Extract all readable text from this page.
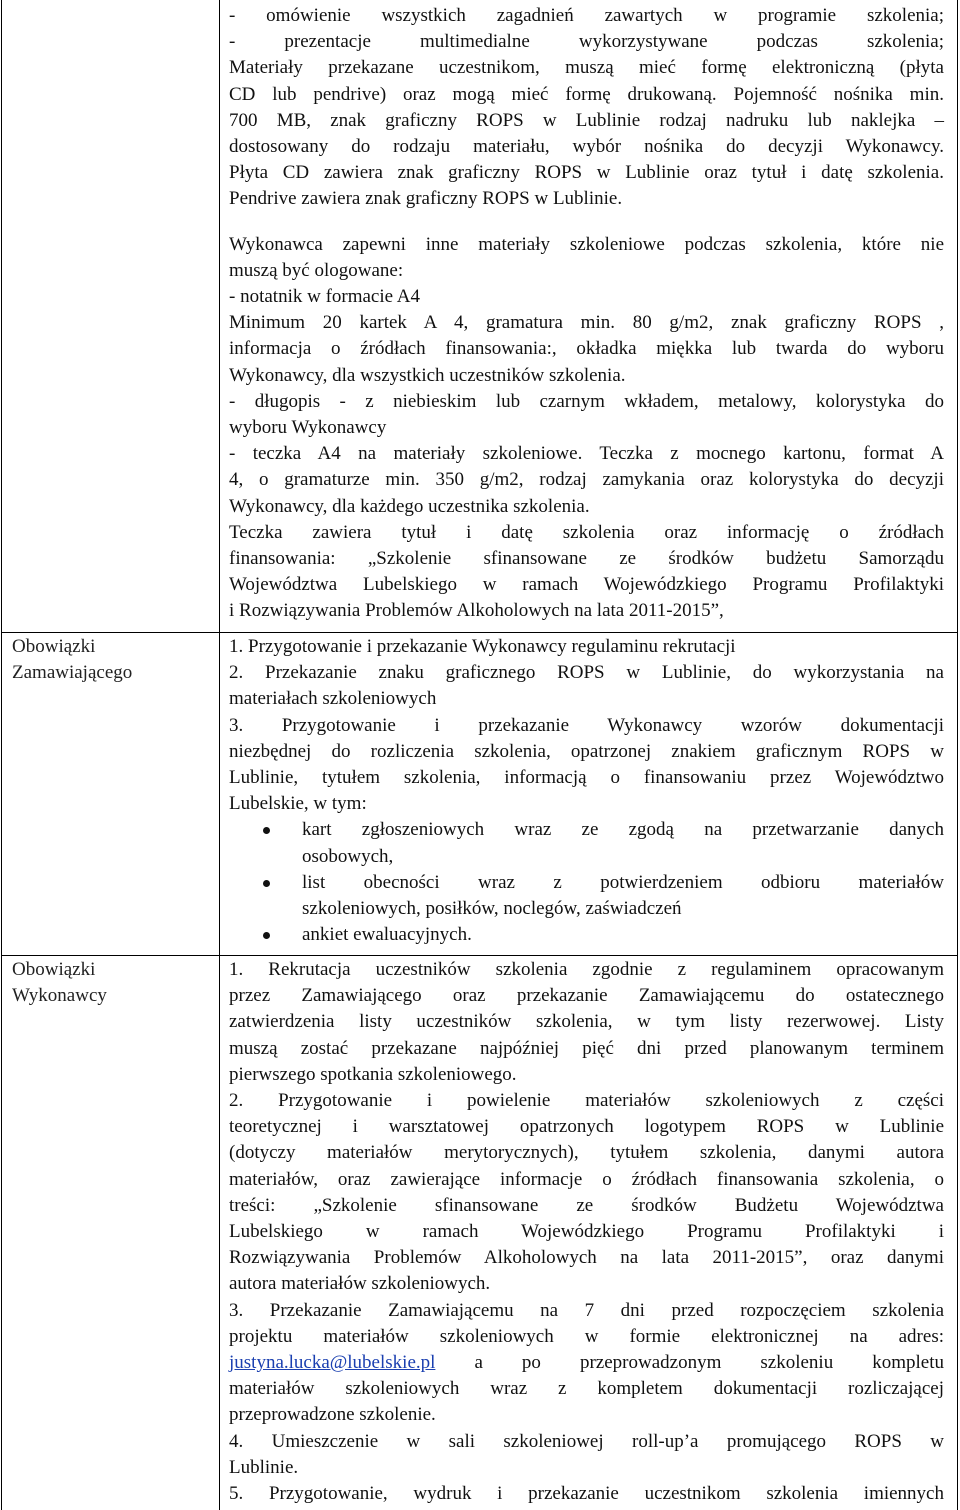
- omówienie wszystkich zagadnień zawartych w programie szkolenia;
- prezentacje multimedialne wykorzystywane podczas szkolenia;
Materiały przekazane uczestnikom, muszą mieć formę elektroniczną (płyta
CD lub pendrive) oraz mogą mieć formę drukowaną. Pojemność nośnika min.
700 MB, znak graficzny ROPS w Lublinie rodzaj nadruku lub naklejka –
dostosowany do rodzaju materiału, wybór nośnika do decyzji Wykonawcy.
Płyta CD zawiera znak graficzny ROPS w Lublinie oraz tytuł i datę szkolenia.
Pendrive zawiera znak graficzny ROPS w Lublinie.
Wykonawca zapewni inne materiały szkoleniowe podczas szkolenia, które nie
muszą być ologowane:
- notatnik w formacie A4
Minimum 20 kartek A 4, gramatura min. 80 g/m2, znak graficzny ROPS ,
informacja o źródłach finansowania:, okładka miękka lub twarda do wyboru
Wykonawcy, dla wszystkich uczestników szkolenia.
- długopis - z niebieskim lub czarnym wkładem, metalowy, kolorystyka do
wyboru Wykonawcy
- teczka A4 na materiały szkoleniowe. Teczka z mocnego kartonu, format A
4, o gramaturze min. 350 g/m2, rodzaj zamykania oraz kolorystyka do decyzji
Wykonawcy, dla każdego uczestnika szkolenia.
Teczka zawiera tytuł i datę szkolenia oraz informację o źródłach
finansowania: „Szkolenie sfinansowane ze środków budżetu Samorządu
Województwa Lubelskiego w ramach Wojewódzkiego Programu Profilaktyki
i Rozwiązywania Problemów Alkoholowych na lata 2011-2015”,
Obowiązki
Zamawiającego
1. Przygotowanie i przekazanie Wykonawcy regulaminu rekrutacji
2. Przekazanie znaku graficznego ROPS w Lublinie, do wykorzystania na
materiałach szkoleniowych
3. Przygotowanie i przekazanie Wykonawcy wzorów dokumentacji
niezbędnej do rozliczenia szkolenia, opatrzonej znakiem graficznym ROPS w
Lublinie, tytułem szkolenia, informacją o finansowaniu przez Województwo
Lubelskie, w tym:
kart zgłoszeniowych wraz ze zgodą na przetwarzanie danych
osobowych,
list obecności wraz z potwierdzeniem odbioru materiałów
szkoleniowych, posiłków, noclegów, zaświadczeń
ankiet ewaluacyjnych.
Obowiązki
Wykonawcy
1. Rekrutacja uczestników szkolenia zgodnie z regulaminem opracowanym
przez Zamawiającego oraz przekazanie Zamawiającemu do ostatecznego
zatwierdzenia listy uczestników szkolenia, w tym listy rezerwowej. Listy
muszą zostać przekazane najpóźniej pięć dni przed planowanym terminem
pierwszego spotkania szkoleniowego.
2. Przygotowanie i powielenie materiałów szkoleniowych z części
teoretycznej i warsztatowej opatrzonych logotypem ROPS w Lublinie
(dotyczy materiałów merytorycznych), tytułem szkolenia, danymi autora
materiałów, oraz zawierające informacje o źródłach finansowania szkolenia, o
treści: „Szkolenie sfinansowane ze środków Budżetu Województwa
Lubelskiego w ramach Wojewódzkiego Programu Profilaktyki i
Rozwiązywania Problemów Alkoholowych na lata 2011-2015”, oraz danymi
autora materiałów szkoleniowych.
3. Przekazanie Zamawiającemu na 7 dni przed rozpoczęciem szkolenia
projektu materiałów szkoleniowych w formie elektronicznej na adres:
justyna.lucka@lubelskie.pl a po przeprowadzonym szkoleniu kompletu
materiałów szkoleniowych wraz z kompletem dokumentacji rozliczającej
przeprowadzone szkolenie.
4. Umieszczenie w sali szkoleniowej roll-up’a promującego ROPS w
Lublinie.
5. Przygotowanie, wydruk i przekazanie uczestnikom szkolenia imiennych
